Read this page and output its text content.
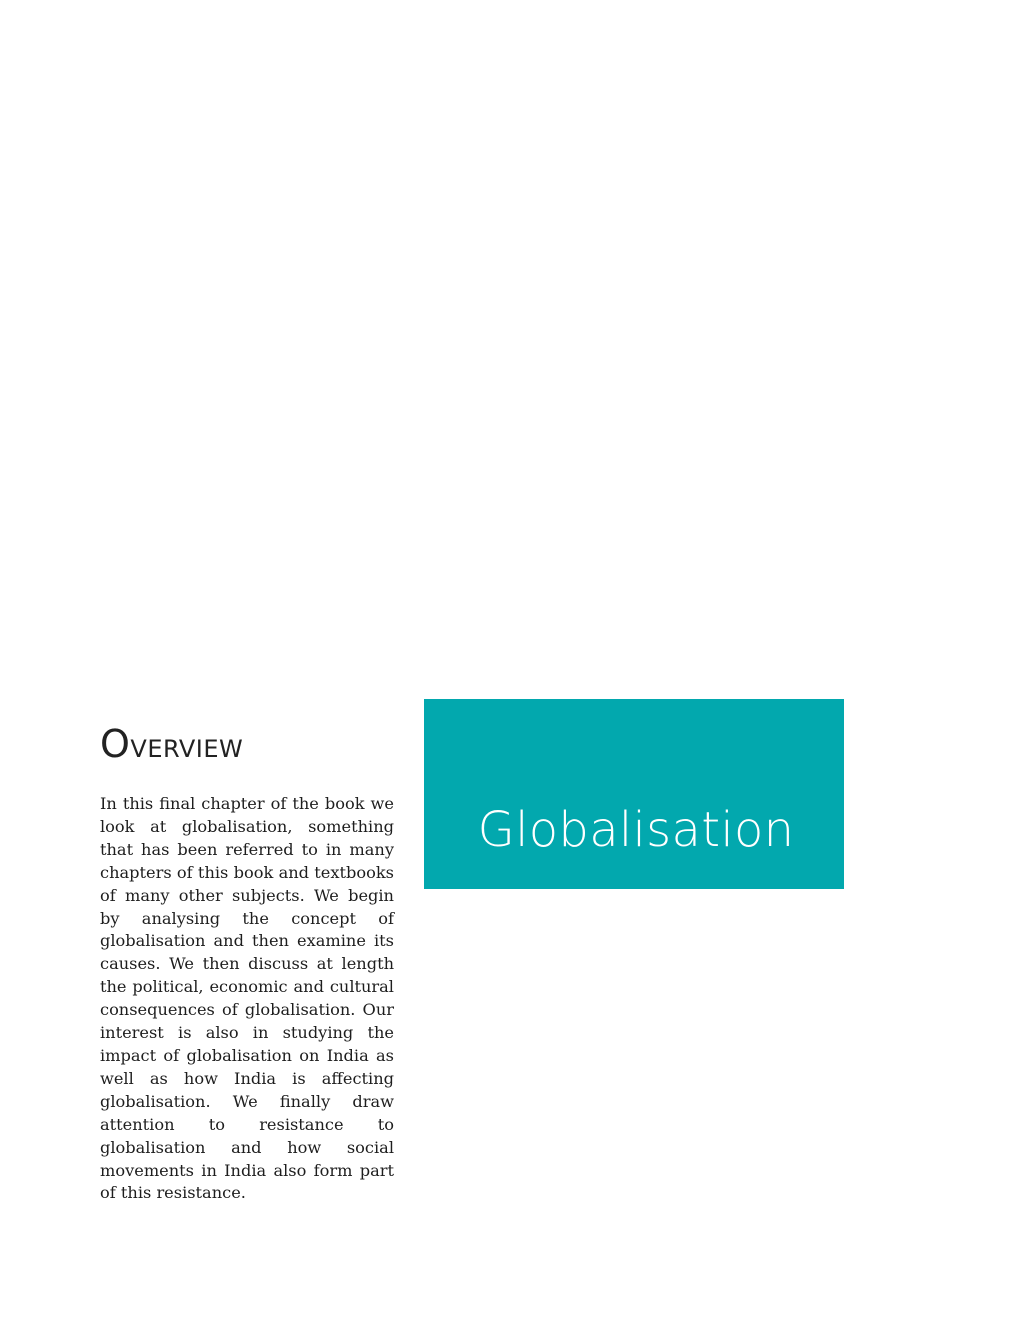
OVERVIEW

In this final chapter of the book we look at globalisation, something that has been referred to in many chapters of this book and textbooks of many other subjects. We begin by analysing the concept of globalisation and then examine its causes. We then discuss at length the political, economic and cultural consequences of globalisation. Our interest is also in studying the impact of globalisation on India as well as how India is affecting globalisation. We finally draw attention to resistance to globalisation and how social movements in India also form part of this resistance.

Globalisation
